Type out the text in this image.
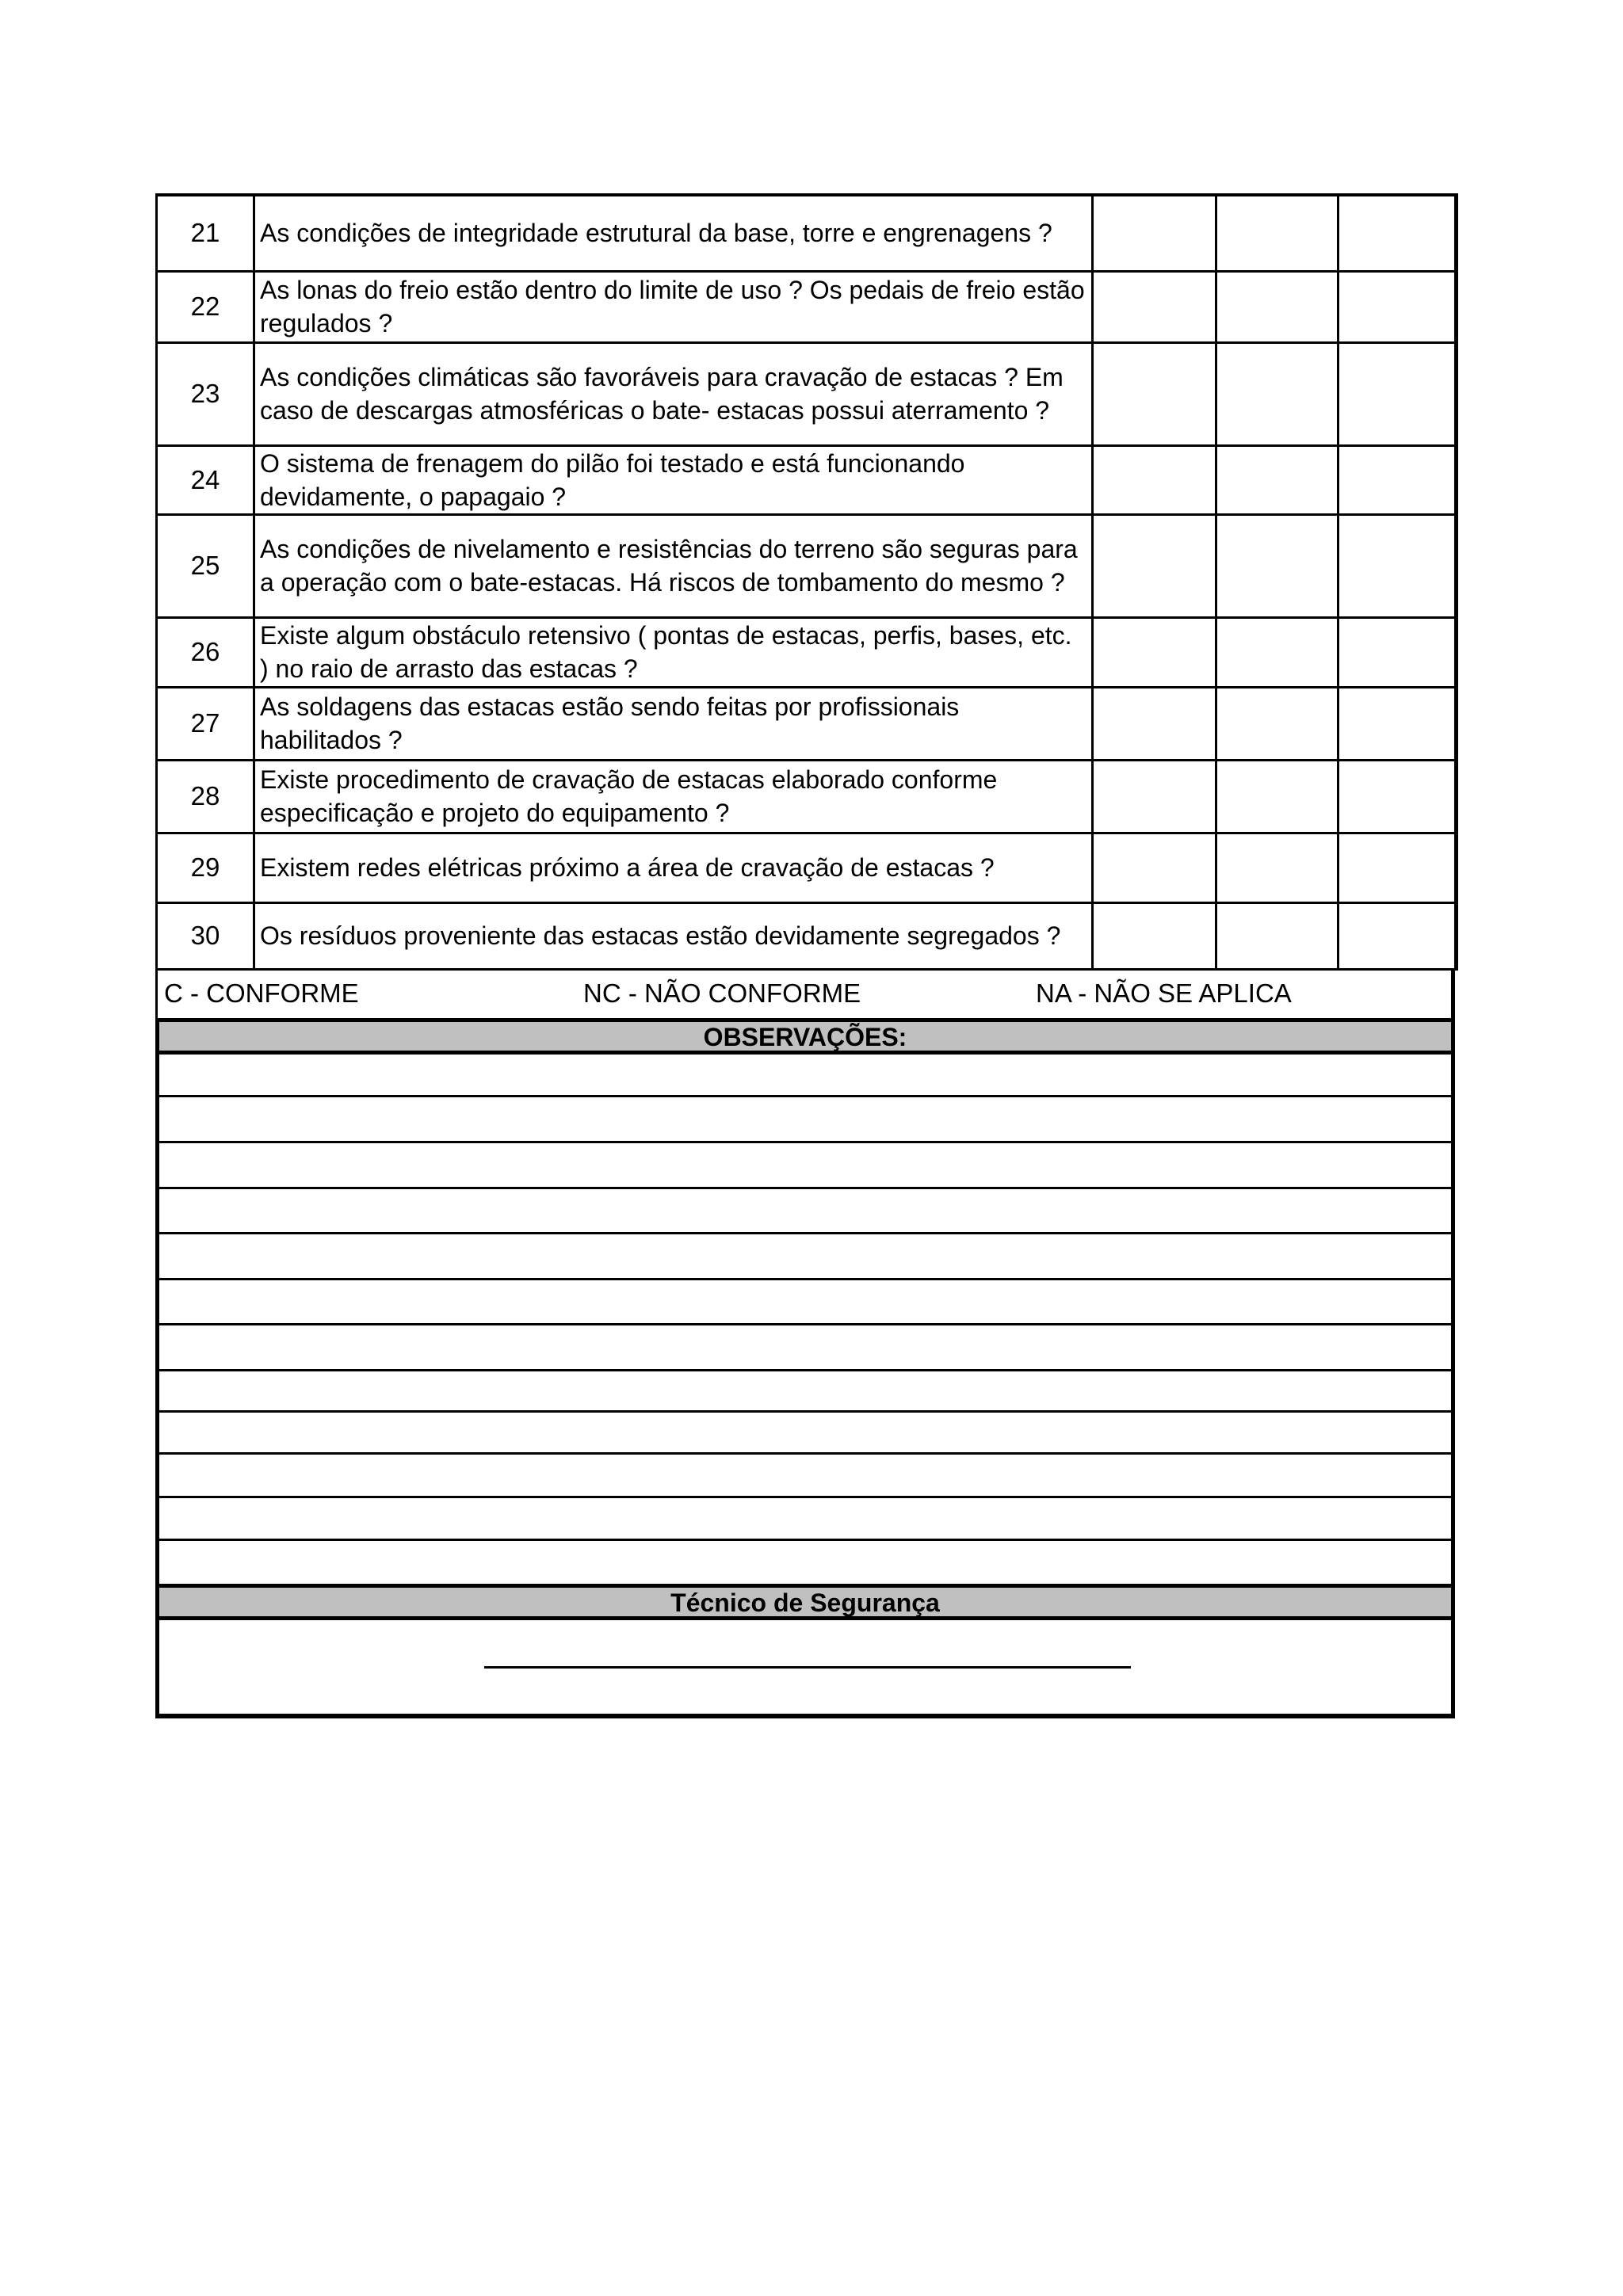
21	As condições de integridade estrutural da base, torre e engrenagens ?			
22	As lonas do freio estão dentro do limite de uso ? Os pedais de freio estão regulados ?			
23	As condições climáticas são favoráveis para cravação de estacas ? Em caso de descargas atmosféricas o bate- estacas possui aterramento ?			
24	O sistema de frenagem do pilão foi testado e está funcionando devidamente, o papagaio ?			
25	As condições de nivelamento e resistências do terreno são seguras para a operação com o bate-estacas. Há riscos de tombamento do mesmo ?			
26	Existe algum obstáculo retensivo ( pontas de estacas, perfis, bases, etc. ) no raio de arrasto das estacas ?			
27	As soldagens das estacas estão sendo feitas por profissionais habilitados ?			
28	Existe procedimento de cravação de estacas elaborado conforme especificação e projeto do equipamento ?			
29	Existem redes elétricas próximo a área de cravação de estacas ?			
30	Os resíduos proveniente das estacas estão devidamente segregados ?			
C - CONFORME	NC - NÃO CONFORME	NA - NÃO SE APLICA
OBSERVAÇÕES:
Técnico de Segurança
